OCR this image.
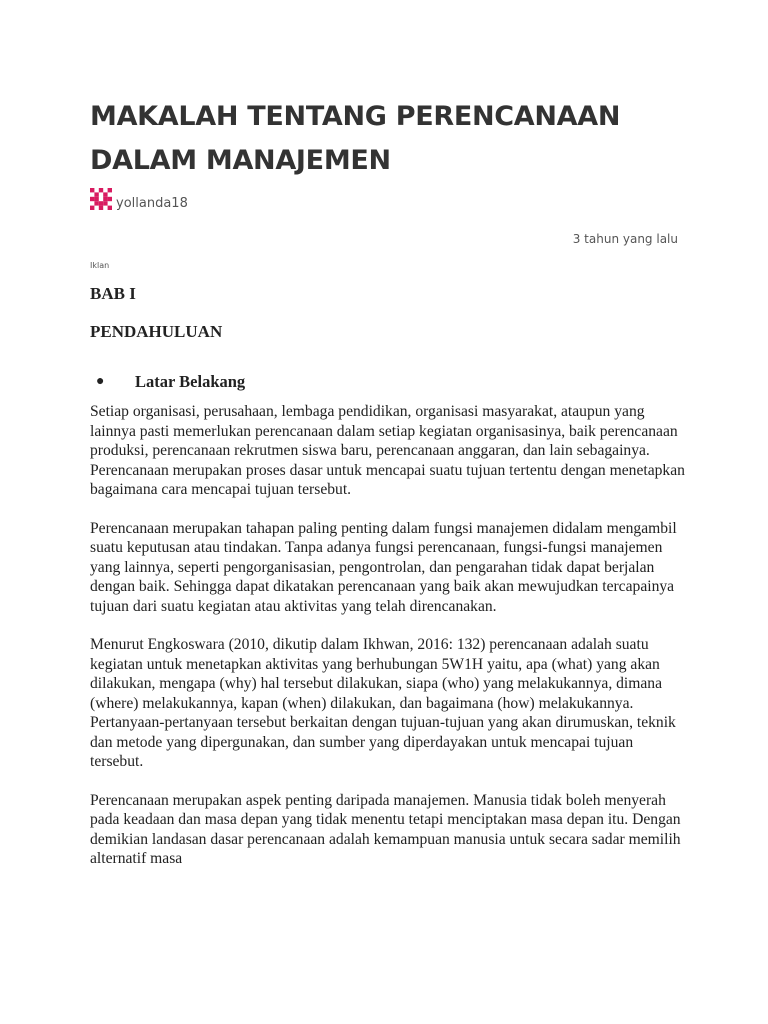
MAKALAH TENTANG PERENCANAAN DALAM MANAJEMEN
yollanda18
3 tahun yang lalu
Iklan
BAB I
PENDAHULUAN
●	Latar Belakang

Setiap organisasi, perusahaan, lembaga pendidikan, organisasi masyarakat, ataupun yang lainnya pasti memerlukan perencanaan dalam setiap kegiatan organisasinya, baik perencanaan produksi, perencanaan rekrutmen siswa baru, perencanaan anggaran, dan lain sebagainya. Perencanaan merupakan proses dasar untuk mencapai suatu tujuan tertentu dengan menetapkan bagaimana cara mencapai tujuan tersebut.

Perencanaan merupakan tahapan paling penting dalam fungsi manajemen didalam mengambil suatu keputusan atau tindakan. Tanpa adanya fungsi perencanaan, fungsi-fungsi manajemen yang lainnya, seperti pengorganisasian, pengontrolan, dan pengarahan tidak dapat berjalan dengan baik. Sehingga dapat dikatakan perencanaan yang baik akan mewujudkan tercapainya tujuan dari suatu kegiatan atau aktivitas yang telah direncanakan.

Menurut Engkoswara (2010, dikutip dalam Ikhwan, 2016: 132) perencanaan adalah suatu kegiatan untuk menetapkan aktivitas yang berhubungan 5W1H yaitu, apa (what) yang akan dilakukan, mengapa (why) hal tersebut dilakukan, siapa (who) yang melakukannya, dimana (where) melakukannya, kapan (when) dilakukan, dan bagaimana (how) melakukannya. Pertanyaan-pertanyaan tersebut berkaitan dengan tujuan-tujuan yang akan dirumuskan, teknik dan metode yang dipergunakan, dan sumber yang diperdayakan untuk mencapai tujuan tersebut.

Perencanaan merupakan aspek penting daripada manajemen. Manusia tidak boleh menyerah pada keadaan dan masa depan yang tidak menentu tetapi menciptakan masa depan itu. Dengan demikian landasan dasar perencanaan adalah kemampuan manusia untuk secara sadar memilih alternatif masa
